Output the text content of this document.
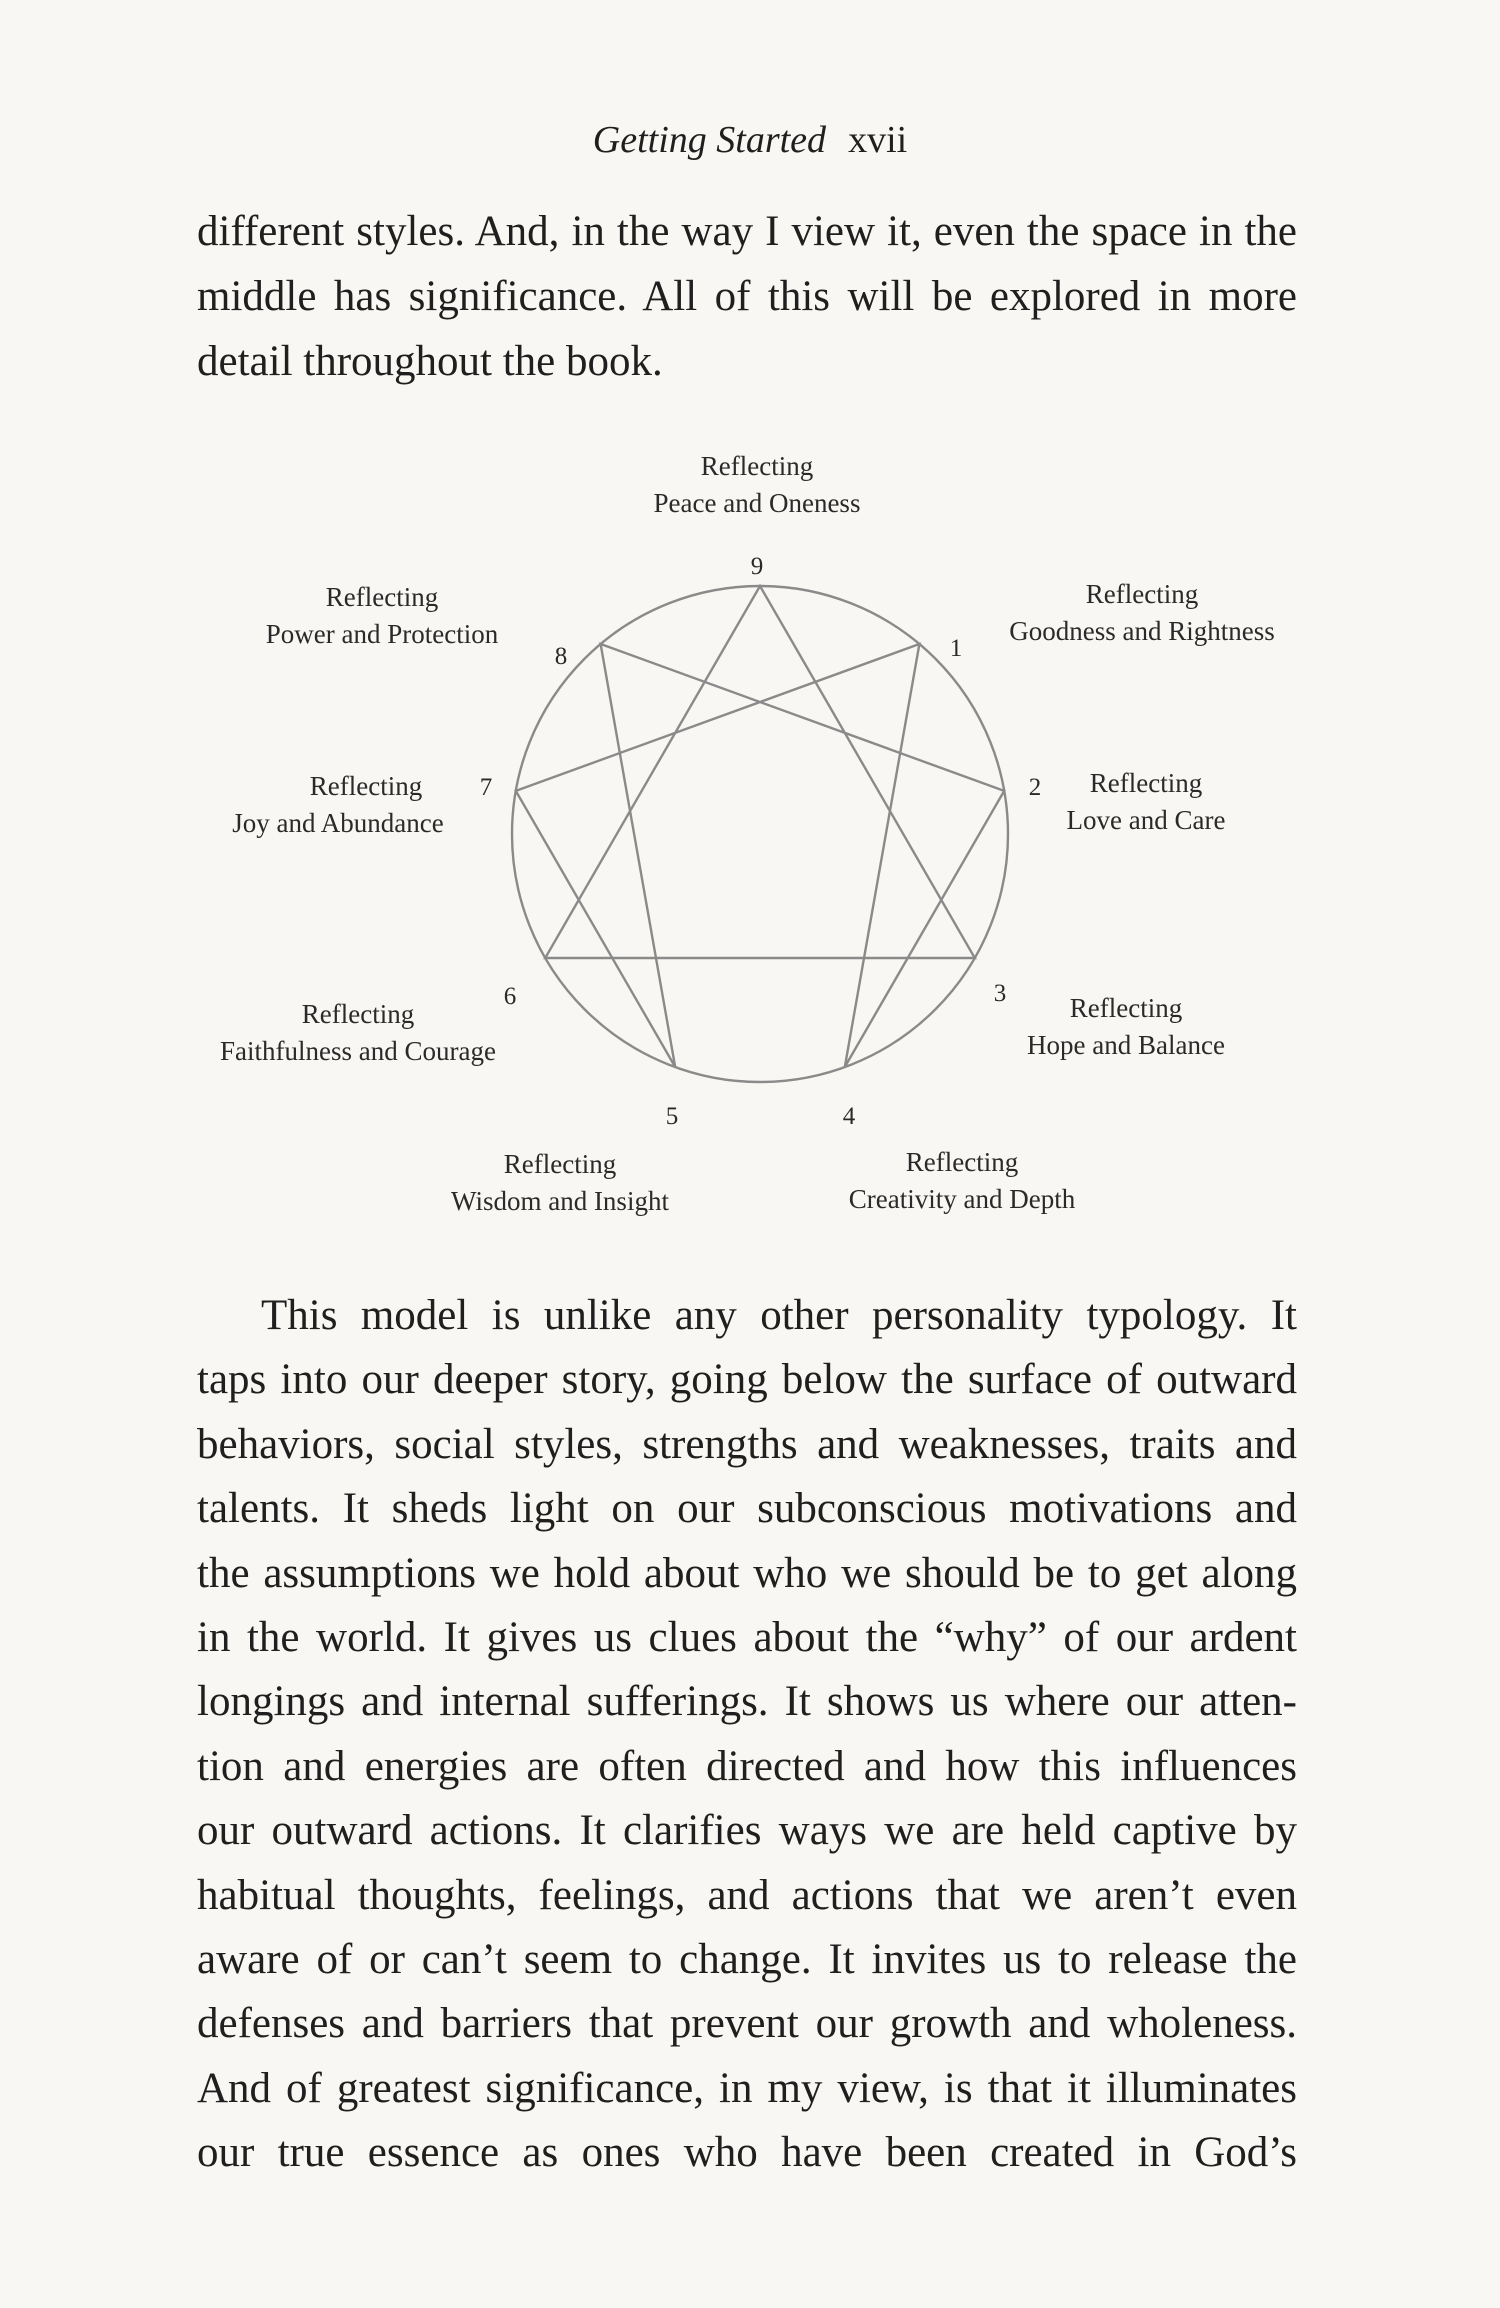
Getting Started xvii
different styles. And, in the way I view it, even the space in the
middle has significance. All of this will be explored in more
detail throughout the book.
9
Reflecting
Peace and Oneness
1
Reflecting
Goodness and Rightness
2 Reflecting
Love and Care
3 Reflecting
Hope and Balance
4
Reflecting
Creativity and Depth
5
Reflecting
Wisdom and Insight
6
Reflecting
Faithfulness and Courage
7
Reflecting
Joy and Abundance
8
Reflecting
Power and Protection
This model is unlike any other personality typology. It
taps into our deeper story, going below the surface of outward
behaviors, social styles, strengths and weaknesses, traits and
talents. It sheds light on our subconscious motivations and
the assumptions we hold about who we should be to get along
in the world. It gives us clues about the “why” of our ardent
longings and internal sufferings. It shows us where our atten-
tion and energies are often directed and how this influences
our outward actions. It clarifies ways we are held captive by
habitual thoughts, feelings, and actions that we aren’t even
aware of or can’t seem to change. It invites us to release the
defenses and barriers that prevent our growth and wholeness.
And of greatest significance, in my view, is that it illuminates
our true essence as ones who have been created in God’s
